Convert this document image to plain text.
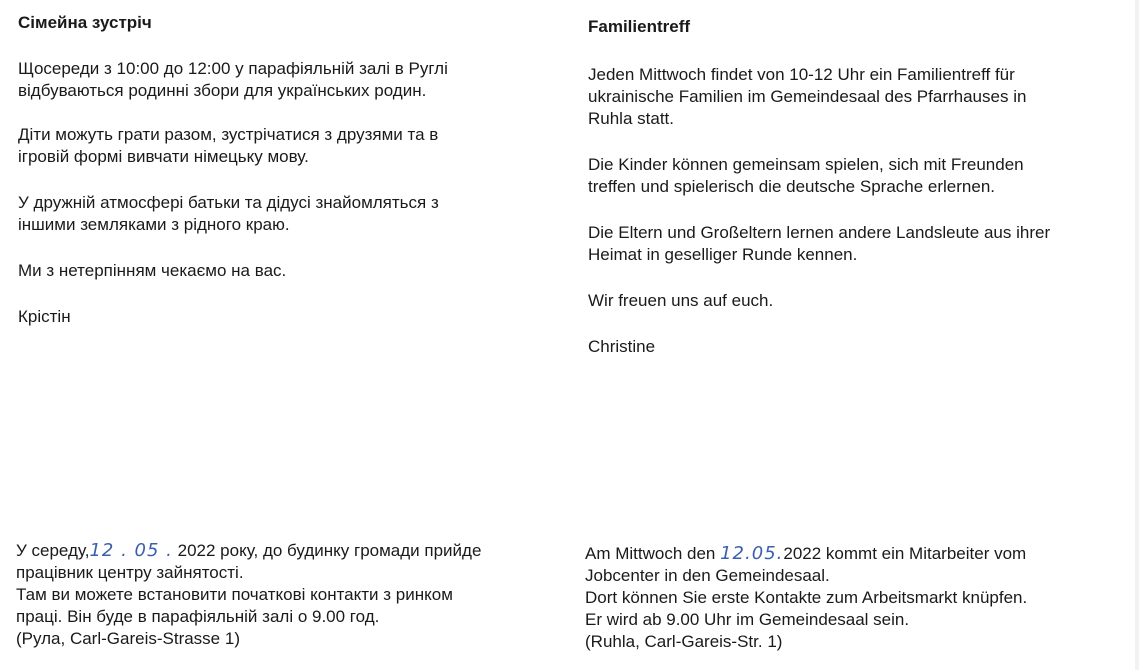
Сімейна зустріч

Щосереди з 10:00 до 12:00 у парафіяльній залі в Руглі

відбуваються родинні збори для українських родин.

Діти можуть грати разом, зустрічатися з друзями та в

ігровій формі вивчати німецьку мову.

У дружній атмосфері батьки та дідусі знайомляться з

іншими земляками з рідного краю.

Ми з нетерпінням чекаємо на вас.

Крістін

Familientreff

Jeden Mittwoch findet von 10-12 Uhr ein Familientreff für

ukrainische Familien im Gemeindesaal des Pfarrhauses in

Ruhla statt.

Die Kinder können gemeinsam spielen, sich mit Freunden

treffen und spielerisch die deutsche Sprache erlernen.

Die Eltern und Großeltern lernen andere Landsleute aus ihrer

Heimat in geselliger Runde kennen.

Wir freuen uns auf euch.

Christine

У середу,12 . 05 . 2022 року, до будинку громади прийде

працівник центру зайнятості.

Там ви можете встановити початкові контакти з ринком

праці. Він буде в парафіяльній залі о 9.00 год.

(Рула, Carl-Gareis-Strasse 1)

Am Mittwoch den 12.05.2022 kommt ein Mitarbeiter vom

Jobcenter in den Gemeindesaal.

Dort können Sie erste Kontakte zum Arbeitsmarkt knüpfen.

Er wird ab 9.00 Uhr im Gemeindesaal sein.

(Ruhla, Carl-Gareis-Str. 1)
